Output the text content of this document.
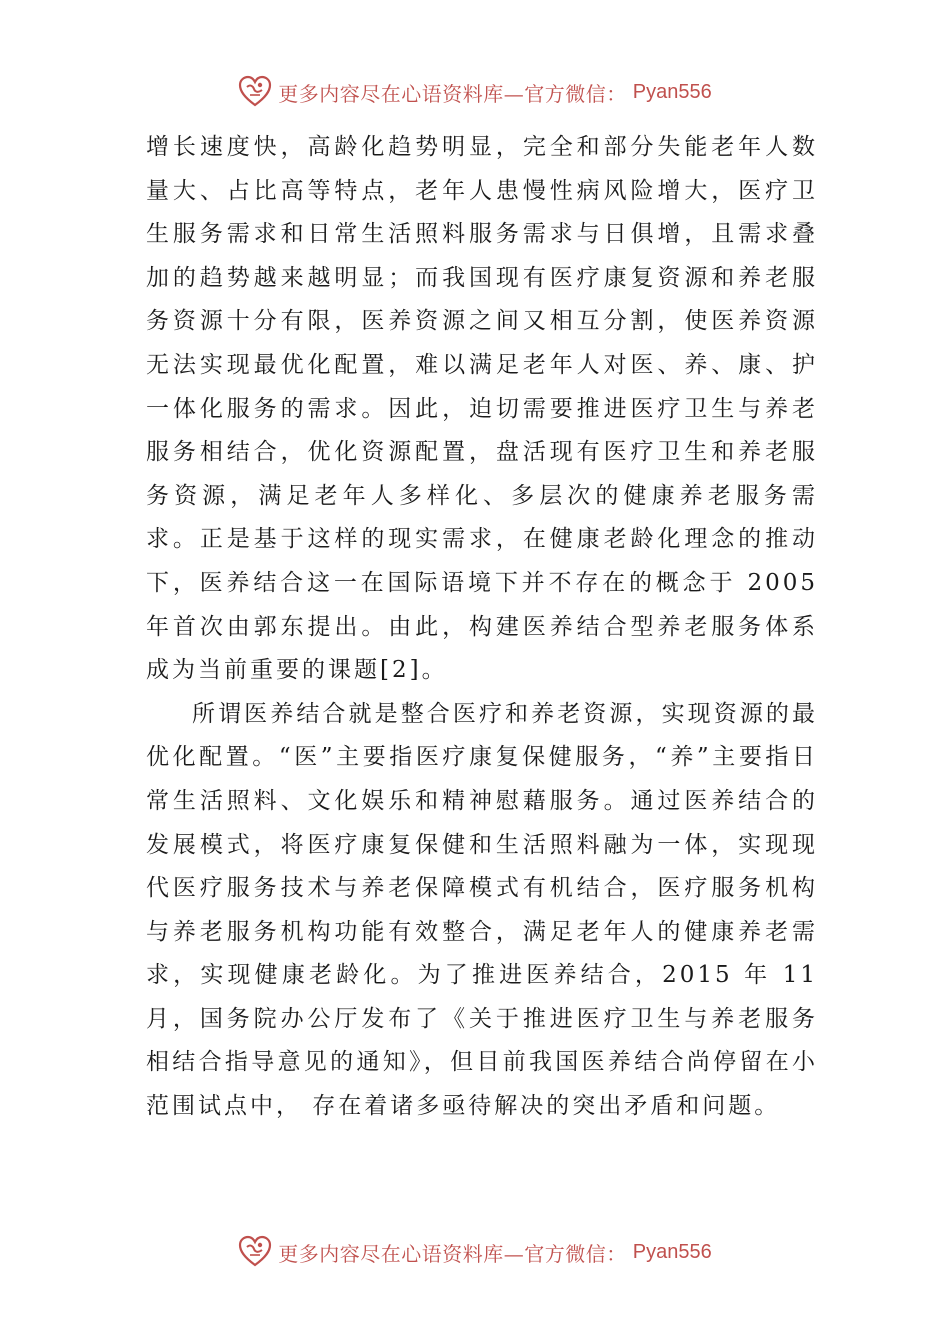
更多内容尽在心语资料库—官方微信： Pyan556

增长速度快，高龄化趋势明显，完全和部分失能老年人数量大、占比高等特点，老年人患慢性病风险增大，医疗卫生服务需求和日常生活照料服务需求与日俱增，且需求叠加的趋势越来越明显；而我国现有医疗康复资源和养老服务资源十分有限，医养资源之间又相互分割，使医养资源无法实现最优化配置，难以满足老年人对医、养、康、护一体化服务的需求。因此，迫切需要推进医疗卫生与养老服务相结合，优化资源配置，盘活现有医疗卫生和养老服务资源，满足老年人多样化、多层次的健康养老服务需求。正是基于这样的现实需求，在健康老龄化理念的推动下，医养结合这一在国际语境下并不存在的概念于 2005 年首次由郭东提出。由此，构建医养结合型养老服务体系成为当前重要的课题[2]。

所谓医养结合就是整合医疗和养老资源，实现资源的最优化配置。“医”主要指医疗康复保健服务，“养”主要指日常生活照料、文化娱乐和精神慰藉服务。通过医养结合的发展模式，将医疗康复保健和生活照料融为一体，实现现代医疗服务技术与养老保障模式有机结合，医疗服务机构与养老服务机构功能有效整合，满足老年人的健康养老需求，实现健康老龄化。为了推进医养结合，2015 年 11 月，国务院办公厅发布了《关于推进医疗卫生与养老服务相结合指导意见的通知》，但目前我国医养结合尚停留在小范围试点中， 存在着诸多亟待解决的突出矛盾和问题。

更多内容尽在心语资料库—官方微信： Pyan556
